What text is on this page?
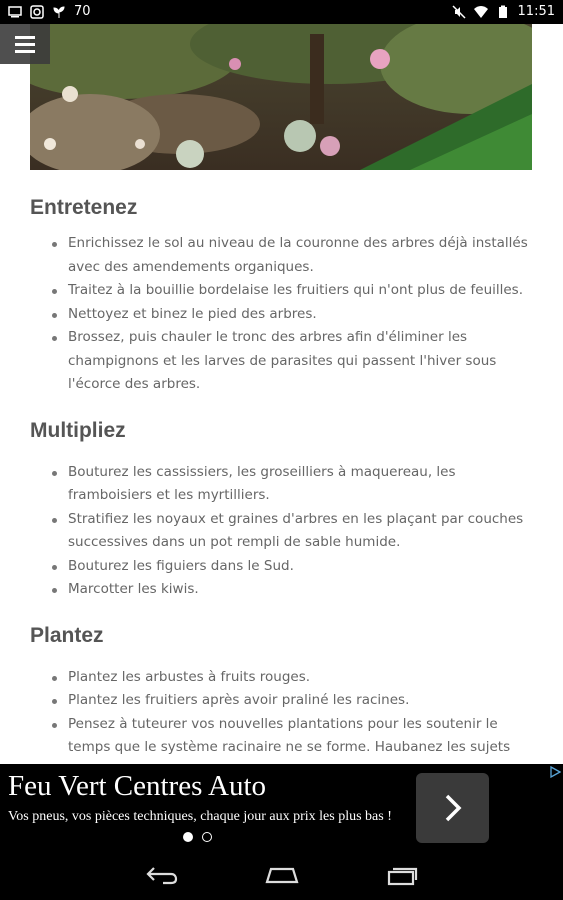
70	11:51
Entretenez
Enrichissez le sol au niveau de la couronne des arbres déjà installés avec des amendements organiques.
Traitez à la bouillie bordelaise les fruitiers qui n'ont plus de feuilles.
Nettoyez et binez le pied des arbres.
Brossez, puis chauler le tronc des arbres afin d'éliminer les champignons et les larves de parasites qui passent l'hiver sous l'écorce des arbres.
Multipliez
Bouturez les cassissiers, les groseilliers à maquereau, les framboisiers et les myrtilliers.
Stratifiez les noyaux et graines d'arbres en les plaçant par couches successives dans un pot rempli de sable humide.
Bouturez les figuiers dans le Sud.
Marcotter les kiwis.
Plantez
Plantez les arbustes à fruits rouges.
Plantez les fruitiers après avoir praliné les racines.
Pensez à tuteurer vos nouvelles plantations pour les soutenir le temps que le système racinaire ne se forme. Haubanez les sujets
Feu Vert Centres Auto
Vos pneus, vos pièces techniques, chaque jour aux prix les plus bas !
